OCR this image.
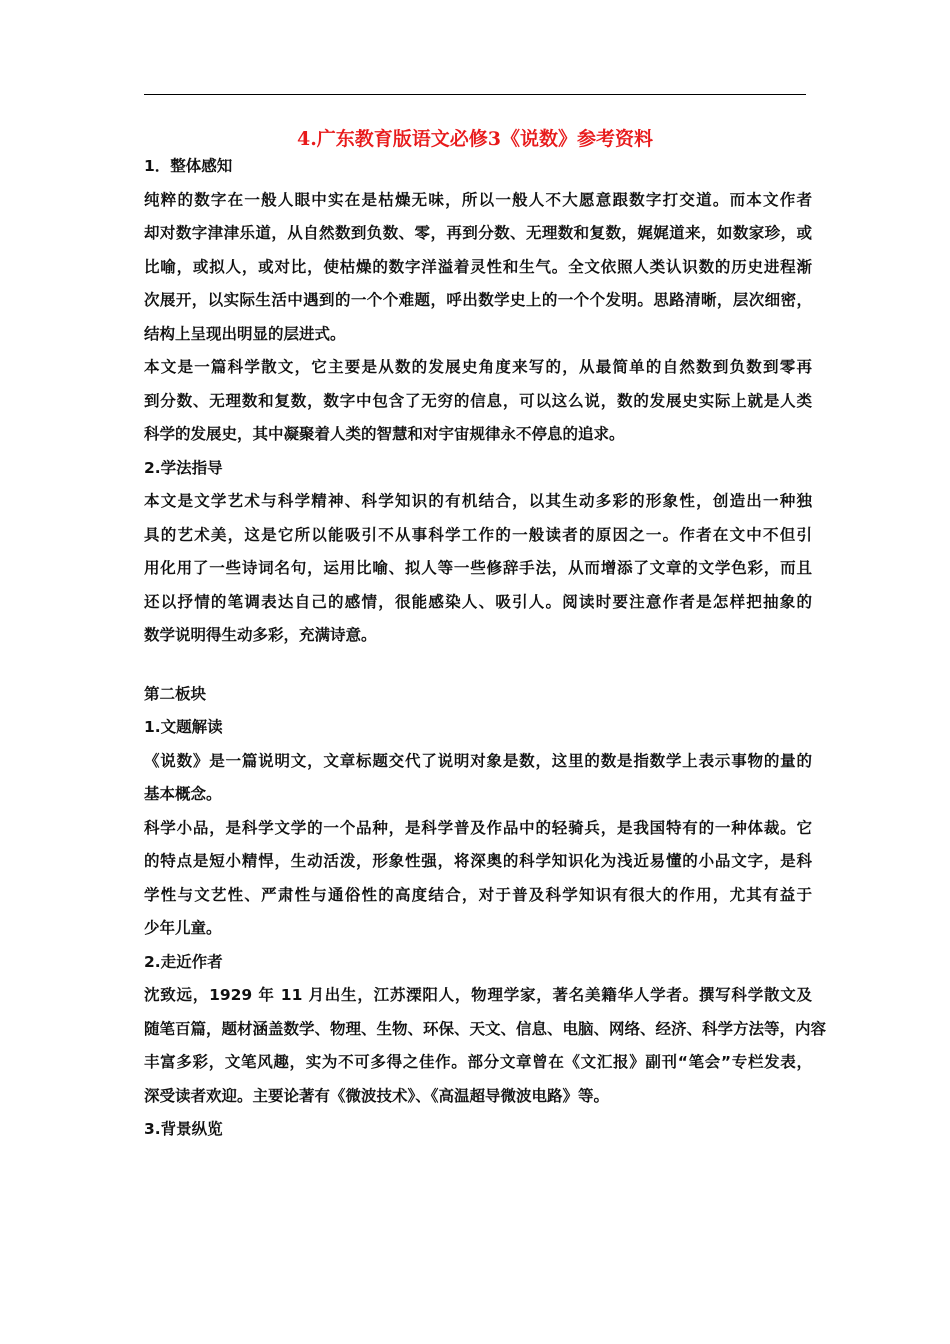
4.广东教育版语文必修3《说数》参考资料
1．整体感知
纯粹的数字在一般人眼中实在是枯燥无味，所以一般人不大愿意跟数字打交道。而本文作者
却对数字津津乐道，从自然数到负数、零，再到分数、无理数和复数，娓娓道来，如数家珍，或
比喻，或拟人，或对比，使枯燥的数字洋溢着灵性和生气。全文依照人类认识数的历史进程渐
次展开，以实际生活中遇到的一个个难题，呼出数学史上的一个个发明。思路清晰，层次细密，
结构上呈现出明显的层进式。
本文是一篇科学散文，它主要是从数的发展史角度来写的，从最简单的自然数到负数到零再
到分数、无理数和复数，数字中包含了无穷的信息，可以这么说，数的发展史实际上就是人类
科学的发展史，其中凝聚着人类的智慧和对宇宙规律永不停息的追求。
2.学法指导
本文是文学艺术与科学精神、科学知识的有机结合，以其生动多彩的形象性，创造出一种独
具的艺术美，这是它所以能吸引不从事科学工作的一般读者的原因之一。作者在文中不但引
用化用了一些诗词名句，运用比喻、拟人等一些修辞手法，从而增添了文章的文学色彩，而且
还以抒情的笔调表达自己的感情，很能感染人、吸引人。阅读时要注意作者是怎样把抽象的
数学说明得生动多彩，充满诗意。
第二板块
1.文题解读
《说数》是一篇说明文，文章标题交代了说明对象是数，这里的数是指数学上表示事物的量的
基本概念。
科学小品，是科学文学的一个品种，是科学普及作品中的轻骑兵，是我国特有的一种体裁。它
的特点是短小精悍，生动活泼，形象性强，将深奥的科学知识化为浅近易懂的小品文字，是科
学性与文艺性、严肃性与通俗性的高度结合，对于普及科学知识有很大的作用，尤其有益于
少年儿童。
2.走近作者
沈致远，1929 年 11 月出生，江苏溧阳人，物理学家，著名美籍华人学者。撰写科学散文及
随笔百篇，题材涵盖数学、物理、生物、环保、天文、信息、电脑、网络、经济、科学方法等，内容
丰富多彩，文笔风趣，实为不可多得之佳作。部分文章曾在《文汇报》副刊“笔会”专栏发表，
深受读者欢迎。主要论著有《微波技术》、《高温超导微波电路》等。
3.背景纵览
